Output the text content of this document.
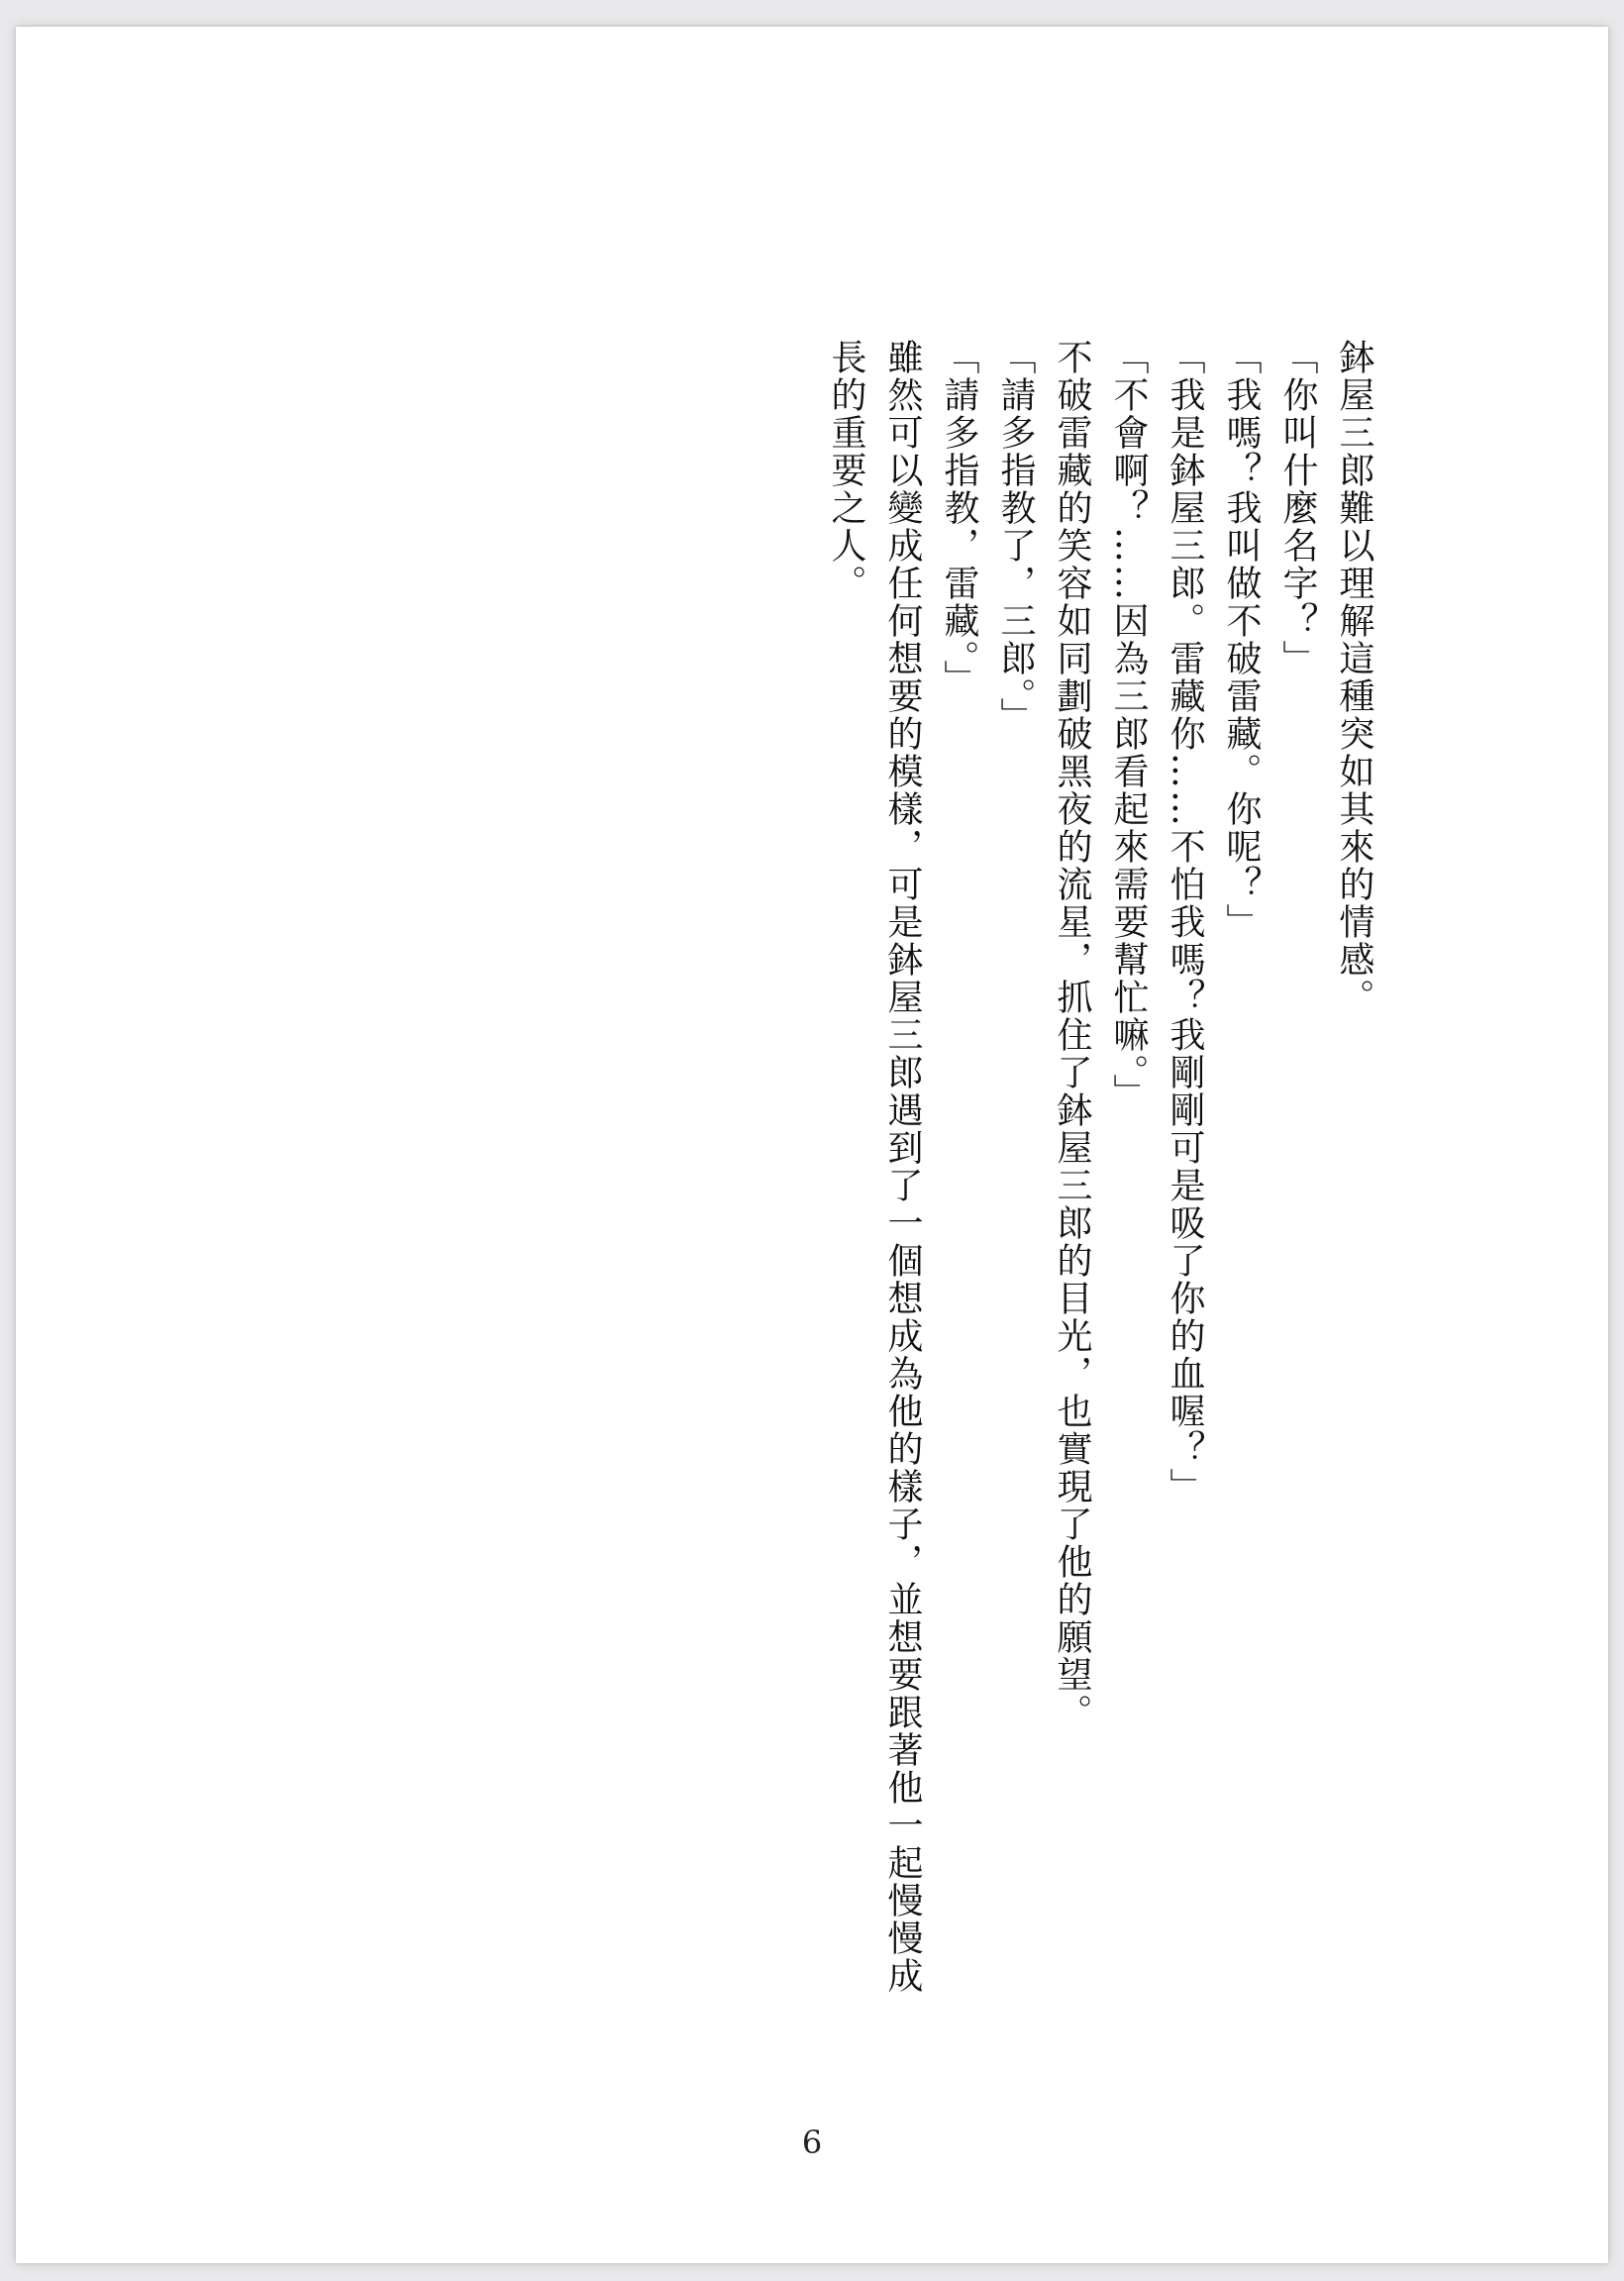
鉢屋三郎難以理解這種突如其來的情感。

「你叫什麼名字？」

「我嗎？我叫做不破雷藏。你呢？」

「我是鉢屋三郎。雷藏你……不怕我嗎？我剛剛可是吸了你的血喔？」

「不會啊？……因為三郎看起來需要幫忙嘛。」

不破雷藏的笑容如同劃破黑夜的流星，抓住了鉢屋三郎的目光，也實現了他的願望。

「請多指教了，三郎。」

「請多指教，雷藏。」

雖然可以變成任何想要的模樣，可是鉢屋三郎遇到了一個想成為他的樣子，並想要跟著他一起慢慢成長的重要之人。

6
